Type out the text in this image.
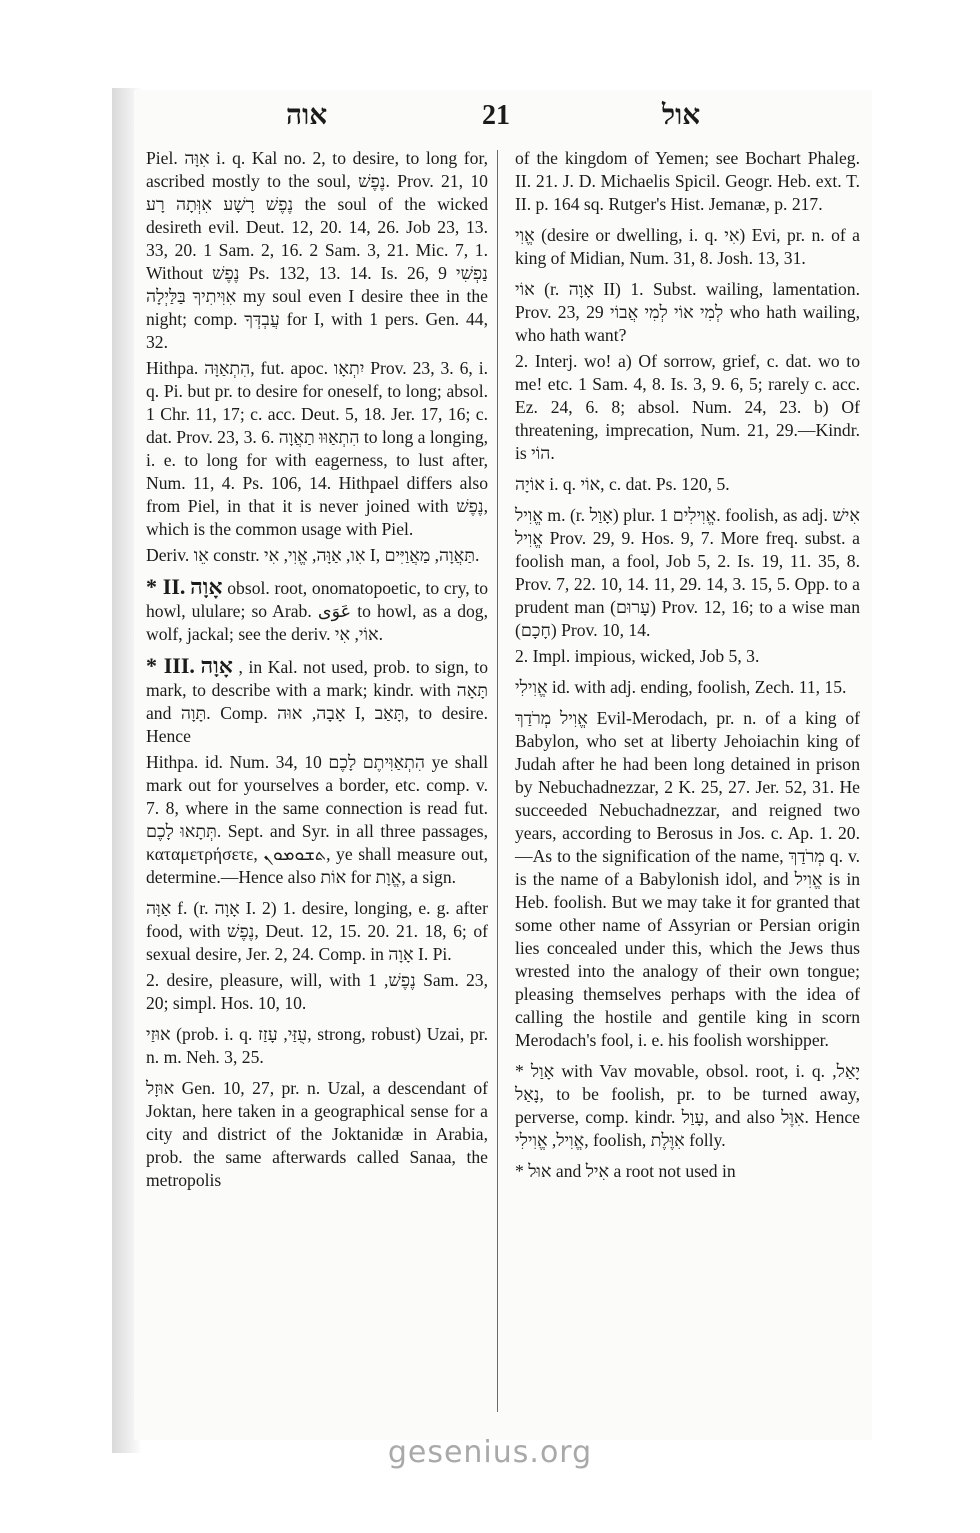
אוה	21	אול

Piel. אִוָּה i. q. Kal no. 2, to desire, to long for, ascribed mostly to the soul, נֶפֶשׁ. Prov. 21, 10 נֶפֶשׁ רָשָׁע אִוְּתָה רָע the soul of the wicked desireth evil. Deut. 12, 20. 14, 26. Job 23, 13. 33, 20. 1 Sam. 2, 16. 2 Sam. 3, 21. Mic. 7, 1. Without נֶפֶשׁ Ps. 132, 13. 14. Is. 26, 9 נַפְשִׁי אִוִּיתִיךָ בַּלַּיְלָה my soul even I desire thee in the night; comp. עֲבְדְּךָ for I, with 1 pers. Gen. 44, 32.

Hithpa. הִתְאַוָּה, fut. apoc. יִתְאָו Prov. 23, 3. 6, i. q. Pi. but pr. to desire for oneself, to long; absol. 1 Chr. 11, 17; c. acc. Deut. 5, 18. Jer. 17, 16; c. dat. Prov. 23, 3. 6. הִתְאַוּוּ תַאֲוָה to long a longing, i. e. to long for with eagerness, to lust after, Num. 11, 4. Ps. 106, 14. Hithpael differs also from Piel, in that it is never joined with נֶפֶשׁ, which is the common usage with Piel.

Deriv. אֵו constr. אִו, אַוָּה, אֱוִי, אִי I, תַּאֲוָה, מַאֲוַיִּים.

* II. אָוָה obsol. root, onomatopoetic, to cry, to howl, ululare; so Arab. عَوَى to howl, as a dog, wolf, jackal; see the deriv. אוֹי, אִי.

* III. אָוָה , in Kal. not used, prob. to sign, to mark, to describe with a mark; kindr. with תָּאָה and תָּוָה. Comp. אָבָה, אוּה I, תָּאַב, to desire. Hence

Hithpa. id. Num. 34, 10 הִתְאַוִּיתֶם לָכֶם ye shall mark out for yourselves a border, etc. comp. v. 7. 8, where in the same connection is read fut. תְּתָאוּ לָכֶם. Sept. and Syr. in all three passages, καταμετρήσετε, ܬܫܘܡܘܢ, ye shall measure out, determine.—Hence also אוֹת for אֱוָת, a sign.

אַוָּה f. (r. אָוָה I. 2) 1. desire, longing, e. g. after food, with נֶפֶשׁ, Deut. 12, 15. 20. 21. 18, 6; of sexual desire, Jer. 2, 24. Comp. in אָוָה I. Pi.

2. desire, pleasure, will, with נֶפֶשׁ, 1 Sam. 23, 20; simpl. Hos. 10, 10.

אוּזַי (prob. i. q. עֻזַּי, עָזַז, strong, robust) Uzai, pr. n. m. Neh. 3, 25.

אוּזָל Gen. 10, 27, pr. n. Uzal, a descendant of Joktan, here taken in a geographical sense for a city and district of the Joktanidæ in Arabia, prob. the same afterwards called Sanaa, the metropolis

of the kingdom of Yemen; see Bochart Phaleg. II. 21. J. D. Michaelis Spicil. Geogr. Heb. ext. T. II. p. 164 sq. Rutger's Hist. Jemanæ, p. 217.

אֱוִי (desire or dwelling, i. q. אִי) Evi, pr. n. of a king of Midian, Num. 31, 8. Josh. 13, 31.

אוֹי (r. אָוָה II) 1. Subst. wailing, lamentation. Prov. 23, 29 לְמִי אוֹי לְמִי אֲבוֹי who hath wailing, who hath want?

2. Interj. wo! a) Of sorrow, grief, c. dat. wo to me! etc. 1 Sam. 4, 8. Is. 3, 9. 6, 5; rarely c. acc. Ez. 24, 6. 8; absol. Num. 24, 23. b) Of threatening, imprecation, Num. 21, 29.—Kindr. is הוֹי.

אוֹיָה i. q. אוֹי, c. dat. Ps. 120, 5.

אֱוִיל m. (r. אָוַל) plur. אֱוִילִים 1. foolish, as adj. אִישׁ אֱוִיל Prov. 29, 9. Hos. 9, 7. More freq. subst. a foolish man, a fool, Job 5, 2. Is. 19, 11. 35, 8. Prov. 7, 22. 10, 14. 11, 29. 14, 3. 15, 5. Opp. to a prudent man (עָרוּם) Prov. 12, 16; to a wise man (חָכָם) Prov. 10, 14.

2. Impl. impious, wicked, Job 5, 3.

אֱוִילִי id. with adj. ending, foolish, Zech. 11, 15.

אֱוִיל מְרֹדַךְ Evil-Merodach, pr. n. of a king of Babylon, who set at liberty Jehoiachin king of Judah after he had been long detained in prison by Nebuchadnezzar, 2 K. 25, 27. Jer. 52, 31. He succeeded Nebuchadnezzar, and reigned two years, according to Berosus in Jos. c. Ap. 1. 20.—As to the signification of the name, מְרֹדַךְ q. v. is the name of a Babylonish idol, and אֱוִיל is in Heb. foolish. But we may take it for granted that some other name of Assyrian or Persian origin lies concealed under this, which the Jews thus wrested into the analogy of their own tongue; pleasing themselves perhaps with the idea of calling the hostile and gentile king in scorn Merodach's fool, i. e. his foolish worshipper.

* אָוַל with Vav movable, obsol. root, i. q. יָאַל, נָאַל, to be foolish, pr. to be turned away, perverse, comp. kindr. עָוַל, and also אִוֶּל. Hence אֱוִיל, אֱוִילִי, foolish, אִוֶּלֶת folly.

* אוּל and אִיל a root not used in

gesenius.org
